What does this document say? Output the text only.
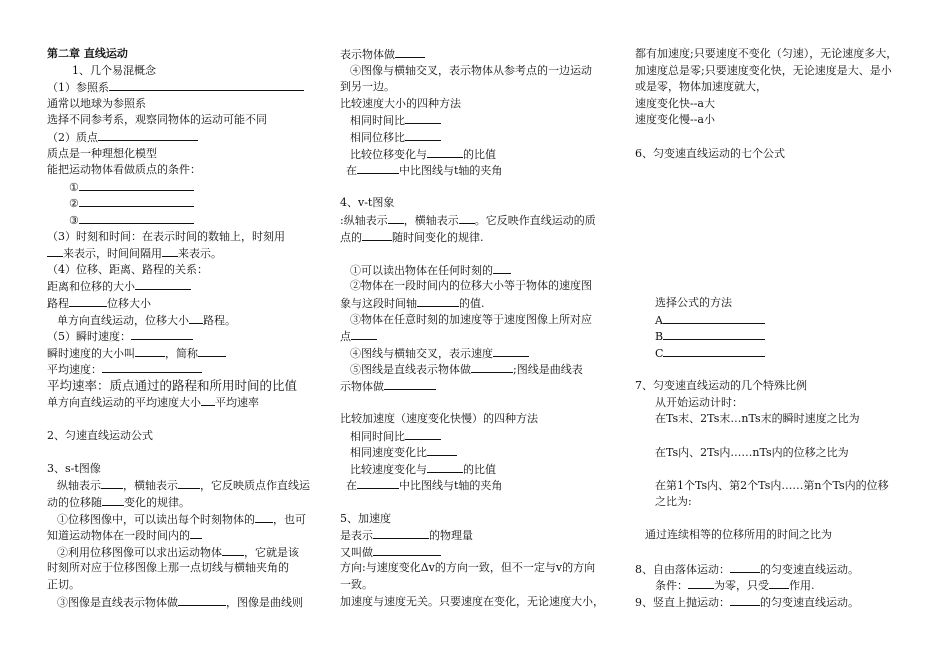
第二章 直线运动
1、几个易混概念
（1）参照系
通常以地球为参照系
选择不同参考系，观察同物体的运动可能不同
（2）质点
质点是一种理想化模型
能把运动物体看做质点的条件：
①
②
③
（3）时刻和时间：在表示时间的数轴上，时刻用
来表示，时间间隔用 来表示。
（4）位移、距离、路程的关系：
距离和位移的大小
路程	位移大小
单方向直线运动，位移大小 路程。
（5）瞬时速度：
瞬时速度的大小叫	，简称
平均速度：
平均速率：质点通过的路程和所用时间的比值
单方向直线运动的平均速度大小 平均速率
2、匀速直线运动公式
3、s-t图像
纵轴表示 ，横轴表示 ，它反映质点作直线运
动的位移随 变化的规律。
①位移图像中，可以读出每个时刻物体的 ，也可
知道运动物体在一段时间内的
②利用位移图像可以求出运动物体 ，它就是该
时刻所对应于位移图像上那一点切线与横轴夹角的
正切。
③图像是直线表示物体做	，图像是曲线则
表示物体做
④图像与横轴交叉，表示物体从参考点的一边运动
到另一边。
比较速度大小的四种方法
相同时间比
相同位移比
比较位移变化与	的比值
在	中比图线与t轴的夹角
4、v-t图象
:纵轴表示 ，横轴表示 。它反映作直线运动的质
点的	随时间变化的规律.
①可以读出物体在任何时刻的
②物体在一段时间内的位移大小等于物体的速度图
象与这段时间轴	的值.
③物体在任意时刻的加速度等于速度图像上所对应
点
④图线与横轴交叉，表示速度
⑤图线是直线表示物体做	;图线是曲线表
示物体做
比较加速度（速度变化快慢）的四种方法
相同时间比
相同速度变化比
比较速度变化与	的比值
在	中比图线与t轴的夹角
5、加速度
是表示	的物理量
又叫做
方向:与速度变化Δv的方向一致，但不一定与v的方向
一致。
加速度与速度无关。只要速度在变化，无论速度大小，
都有加速度;只要速度不变化（匀速），无论速度多大，
加速度总是零;只要速度变化快，无论速度是大、是小
或是零，物体加速度就大，
速度变化快--a大
速度变化慢--a小
6、匀变速直线运动的七个公式
选择公式的方法
A
B
C
7、匀变速直线运动的几个特殊比例
从开始运动计时：
在Ts末、2Ts末…nTs末的瞬时速度之比为
在Ts内、2Ts内……nTs内的位移之比为
在第1个Ts内、第2个Ts内……第n个Ts内的位移
之比为:
通过连续相等的位移所用的时间之比为
8、自由落体运动：	的匀变速直线运动。
条件： 为零，只受 作用.
9、竖直上抛运动：	的匀变速直线运动。
